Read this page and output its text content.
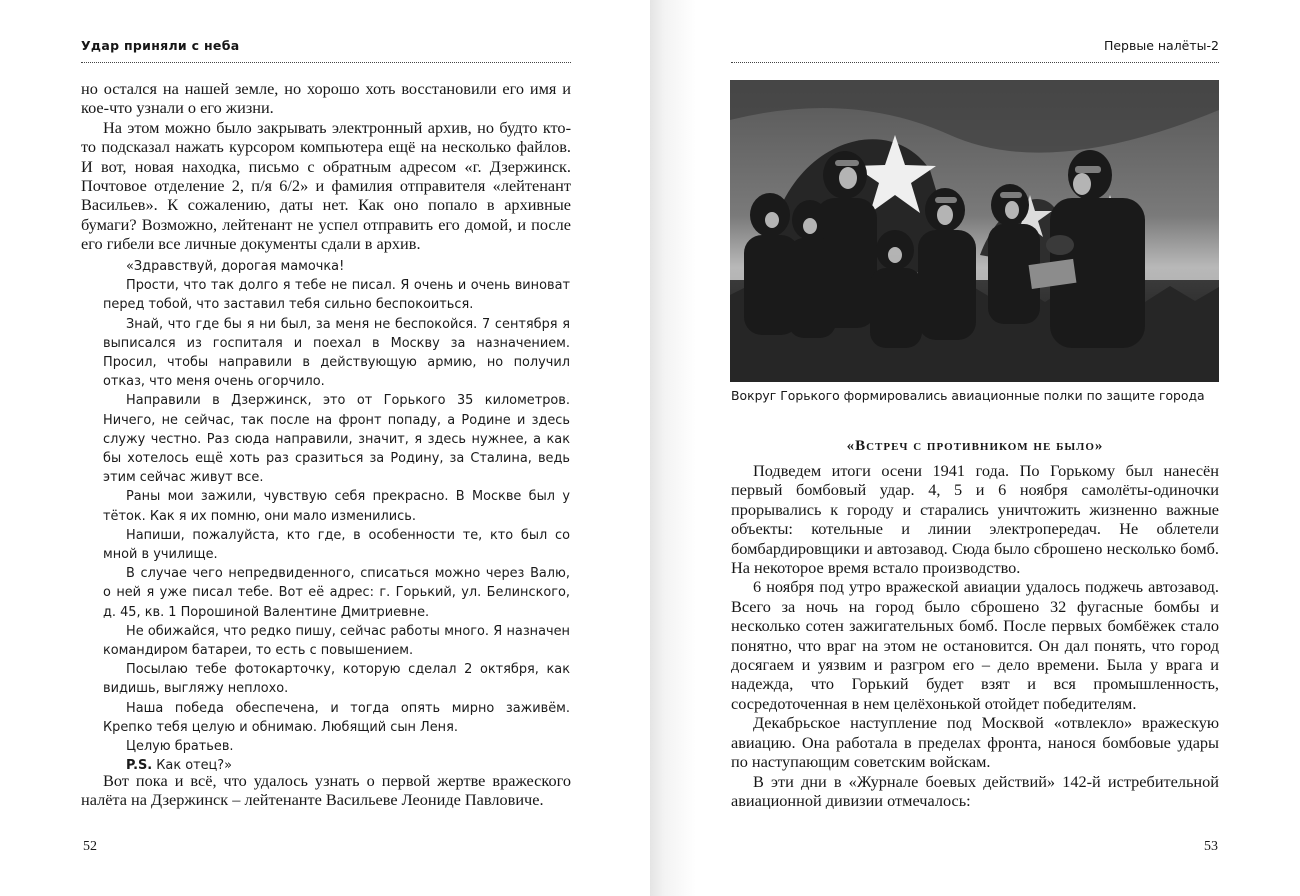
Удар приняли с неба

но остался на нашей земле, но хорошо хоть восстановили его имя и кое-что узнали о его жизни.

На этом можно было закрывать электронный архив, но будто кто-то подсказал нажать курсором компьютера ещё на несколько файлов. И вот, новая находка, письмо с обратным адресом «г. Дзержинск. Почтовое отделение 2, п/я 6/2» и фамилия отправителя «лейтенант Васильев». К сожалению, даты нет. Как оно попало в архивные бумаги? Возможно, лейтенант не успел отправить его домой, и после его гибели все личные документы сдали в архив.

«Здравствуй, дорогая мамочка!

Прости, что так долго я тебе не писал. Я очень и очень виноват перед тобой, что заставил тебя сильно беспокоиться.

Знай, что где бы я ни был, за меня не беспокойся. 7 сентября я выписался из госпиталя и поехал в Москву за назначением. Просил, чтобы направили в действующую армию, но получил отказ, что меня очень огорчило.

Направили в Дзержинск, это от Горького 35 километров. Ничего, не сейчас, так после на фронт попаду, а Родине и здесь служу честно. Раз сюда направили, значит, я здесь нужнее, а как бы хотелось ещё хоть раз сразиться за Родину, за Сталина, ведь этим сейчас живут все.

Раны мои зажили, чувствую себя прекрасно. В Москве был у тёток. Как я их помню, они мало изменились.

Напиши, пожалуйста, кто где, в особенности те, кто был со мной в училище.

В случае чего непредвиденного, списаться можно через Валю, о ней я уже писал тебе. Вот её адрес: г. Горький, ул. Белинского, д. 45, кв. 1 Порошиной Валентине Дмитриевне.

Не обижайся, что редко пишу, сейчас работы много. Я назначен командиром батареи, то есть с повышением.

Посылаю тебе фотокарточку, которую сделал 2 октября, как видишь, выгляжу неплохо.

Наша победа обеспечена, и тогда опять мирно заживём. Крепко тебя целую и обнимаю. Любящий сын Леня.

Целую братьев.

P.S. Как отец?»

Вот пока и всё, что удалось узнать о первой жертве вражеского налёта на Дзержинск – лейтенанте Васильеве Леониде Павловиче.

52
Первые налёты-2
Вокруг Горького формировались авиационные полки по защите города
«Встреч с противником не было»

Подведем итоги осени 1941 года. По Горькому был нанесён первый бомбовый удар. 4, 5 и 6 ноября самолёты-одиночки прорывались к городу и старались уничтожить жизненно важные объекты: котельные и линии электропередач. Не облетели бомбардировщики и автозавод. Сюда было сброшено несколько бомб. На некоторое время встало производство.

6 ноября под утро вражеской авиации удалось поджечь автозавод. Всего за ночь на город было сброшено 32 фугасные бомбы и несколько сотен зажигательных бомб. После первых бомбёжек стало понятно, что враг на этом не остановится. Он дал понять, что город досягаем и уязвим и разгром его – дело времени. Была у врага и надежда, что Горький будет взят и вся промышленность, сосредоточенная в нем целёхонькой отойдет победителям.

Декабрьское наступление под Москвой «отвлекло» вражескую авиацию. Она работала в пределах фронта, нанося бомбовые удары по наступающим советским войскам.

В эти дни в «Журнале боевых действий» 142-й истребительной авиационной дивизии отмечалось:

53
